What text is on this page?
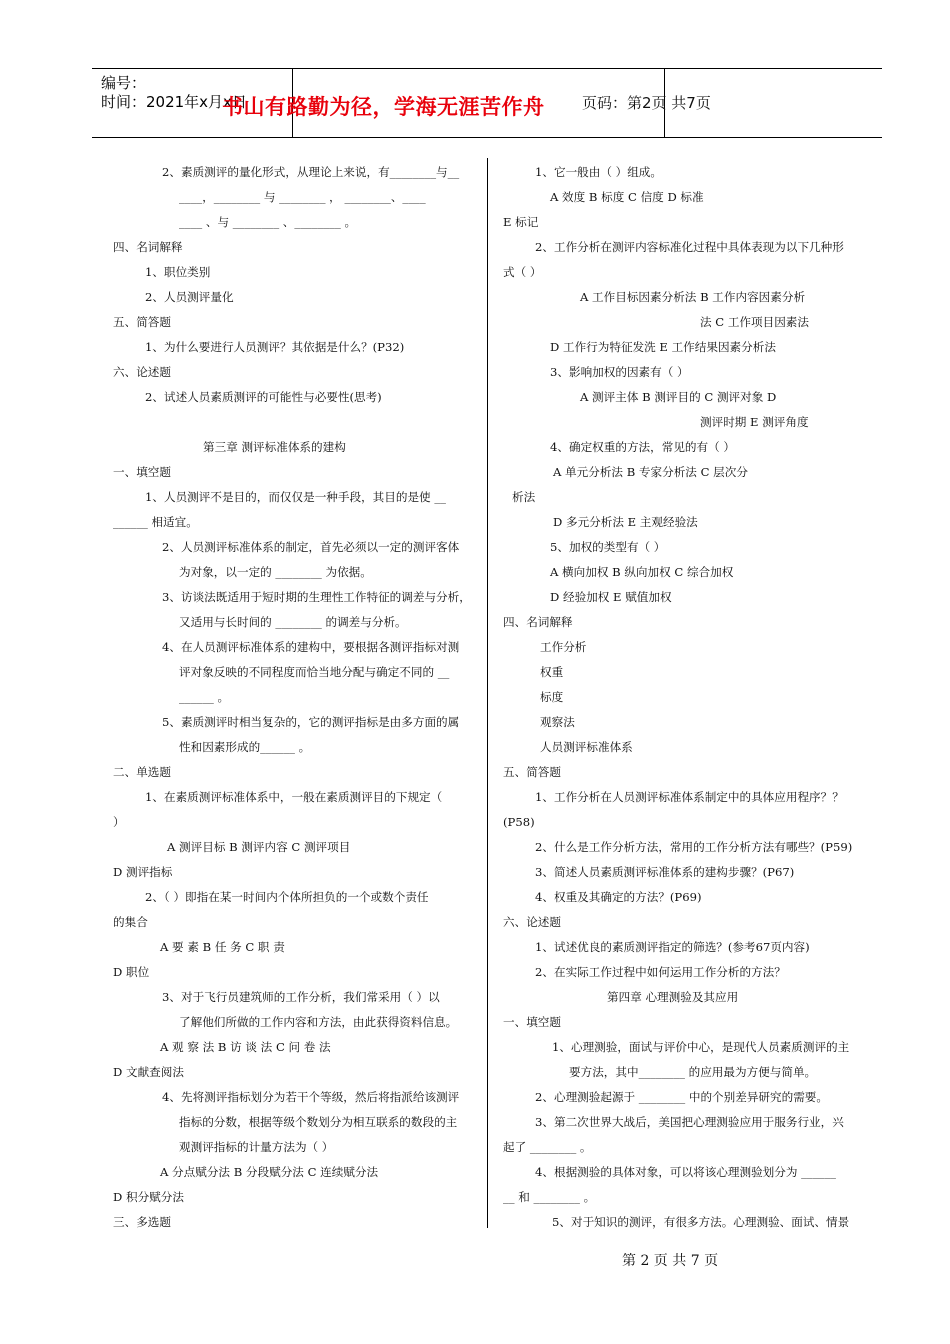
编号：
时间：2021年x月x日
书山有路勤为径，学海无涯苦作舟	页码：第2页 共7页
2、素质测评的量化形式，从理论上来说，有________与__
____，________ 与 ________ ， ________、____
____ 、与 ________ 、________ 。
四、名词解释
1、职位类别
2、人员测评量化
五、简答题
1、为什么要进行人员测评？其依据是什么？(P32)
六、论述题
2、试述人员素质测评的可能性与必要性(思考)
第三章 测评标准体系的建构
一、填空题
1、人员测评不是目的，而仅仅是一种手段，其目的是使 __
______ 相适宜。
2、人员测评标准体系的制定，首先必须以一定的测评客体
为对象，以一定的 ________ 为依据。
3、访谈法既适用于短时期的生理性工作特征的调差与分析，
又适用与长时间的 ________ 的调差与分析。
4、在人员测评标准体系的建构中，要根据各测评指标对测
评对象反映的不同程度而恰当地分配与确定不同的 __
______ 。
5、素质测评时相当复杂的，它的测评指标是由多方面的属
性和因素形成的______ 。
二、单选题
1、在素质测评标准体系中，一般在素质测评目的下规定（
）
A 测评目标 B 测评内容 C 测评项目
D 测评指标
2、（ ）即指在某一时间内个体所担负的一个或数个责任
的集合
A 要 素 B 任 务 C 职 责
D 职位
3、对于飞行员建筑师的工作分析，我们常采用（ ）以
了解他们所做的工作内容和方法，由此获得资料信息。
A 观 察 法 B 访 谈 法 C 问 卷 法
D 文献查阅法
4、先将测评指标划分为若干个等级，然后将指派给该测评
指标的分数，根据等级个数划分为相互联系的数段的主
观测评指标的计量方法为（ ）
A 分点赋分法 B 分段赋分法 C 连续赋分法
D 积分赋分法
三、多选题
1、它一般由（ ）组成。
A 效度 B 标度 C 信度 D 标准
E 标记
2、工作分析在测评内容标准化过程中具体表现为以下几种形
式（ ）
A 工作目标因素分析法 B 工作内容因素分析
法 C 工作项目因素法
D 工作行为特征发洗 E 工作结果因素分析法
3、影响加权的因素有（ ）
A 测评主体 B 测评目的 C 测评对象 D
测评时期 E 测评角度
4、确定权重的方法，常见的有（ ）
A 单元分析法 B 专家分析法 C 层次分
析法
D 多元分析法 E 主观经验法
5、加权的类型有（ ）
A 横向加权 B 纵向加权 C 综合加权
D 经验加权 E 赋值加权
四、名词解释
工作分析
权重
标度
观察法
人员测评标准体系
五、简答题
1、工作分析在人员测评标准体系制定中的具体应用程序？？
(P58)
2、什么是工作分析方法，常用的工作分析方法有哪些？(P59)
3、简述人员素质测评标准体系的建构步骤？(P67)
4、权重及其确定的方法？(P69)
六、论述题
1、试述优良的素质测评指定的筛选？(参考67页内容)
2、在实际工作过程中如何运用工作分析的方法？
第四章 心理测验及其应用
一、填空题
1、心理测验，面试与评价中心，是现代人员素质测评的主
要方法，其中________ 的应用最为方便与简单。
2、心理测验起源于 ________ 中的个别差异研究的需要。
3、第二次世界大战后，美国把心理测验应用于服务行业，兴
起了 ________ 。
4、根据测验的具体对象，可以将该心理测验划分为 ______
__ 和 ________ 。
5、对于知识的测评，有很多方法。心理测验、面试、情景
第 2 页 共 7 页
